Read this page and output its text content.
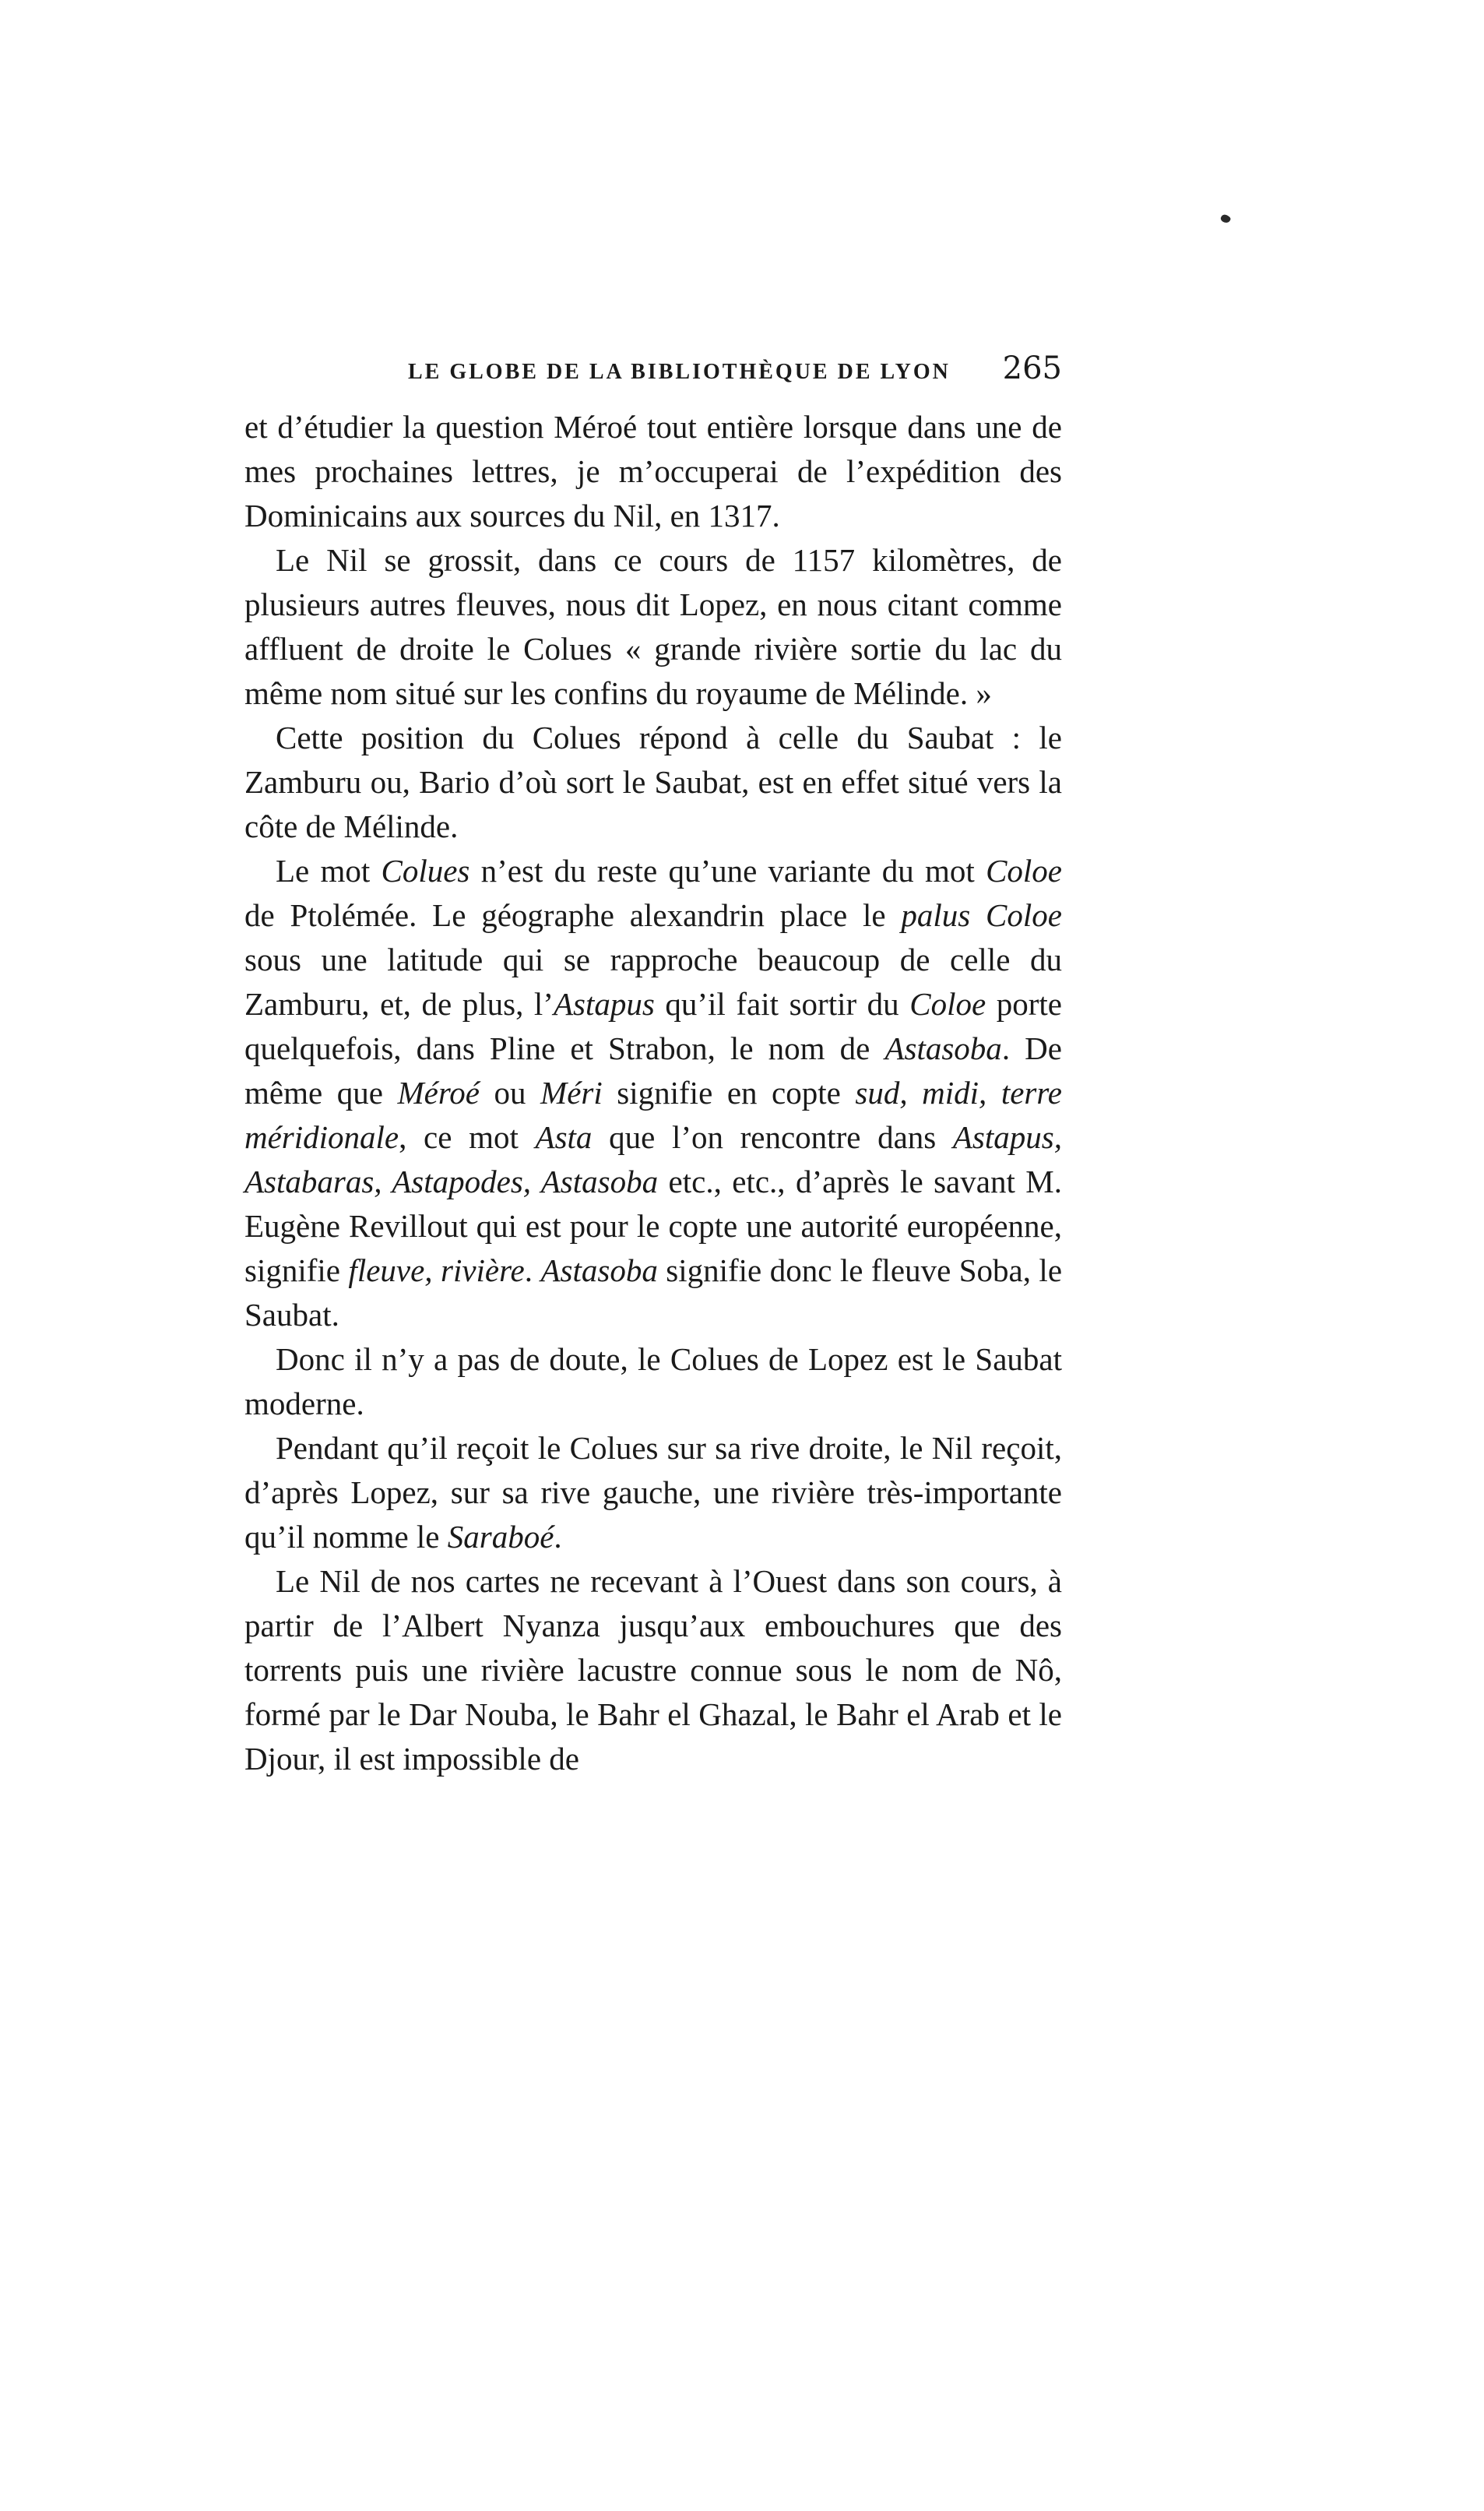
LE GLOBE DE LA BIBLIOTHÈQUE DE LYON 265

et d’étudier la question Méroé tout entière lorsque dans une de mes prochaines lettres, je m’occuperai de l’expédition des Dominicains aux sources du Nil, en 1317.

Le Nil se grossit, dans ce cours de 1157 kilomètres, de plusieurs autres fleuves, nous dit Lopez, en nous citant comme affluent de droite le Colues « grande rivière sortie du lac du même nom situé sur les confins du royaume de Mélinde. »

Cette position du Colues répond à celle du Saubat : le Zamburu ou, Bario d’où sort le Saubat, est en effet situé vers la côte de Mélinde.

Le mot Colues n’est du reste qu’une variante du mot Coloe de Ptolémée. Le géographe alexandrin place le palus Coloe sous une latitude qui se rapproche beaucoup de celle du Zamburu, et, de plus, l’Astapus qu’il fait sortir du Coloe porte quelquefois, dans Pline et Strabon, le nom de Astasoba. De même que Méroé ou Méri signifie en copte sud, midi, terre méridionale, ce mot Asta que l’on rencontre dans Astapus, Astabaras, Astapodes, Astasoba etc., etc., d’après le savant M. Eugène Revillout qui est pour le copte une autorité européenne, signifie fleuve, rivière. Astasoba signifie donc le fleuve Soba, le Saubat.

Donc il n’y a pas de doute, le Colues de Lopez est le Saubat moderne.

Pendant qu’il reçoit le Colues sur sa rive droite, le Nil reçoit, d’après Lopez, sur sa rive gauche, une rivière très-importante qu’il nomme le Saraboé.

Le Nil de nos cartes ne recevant à l’Ouest dans son cours, à partir de l’Albert Nyanza jusqu’aux embouchures que des torrents puis une rivière lacustre connue sous le nom de Nô, formé par le Dar Nouba, le Bahr el Ghazal, le Bahr el Arab et le Djour, il est impossible de
